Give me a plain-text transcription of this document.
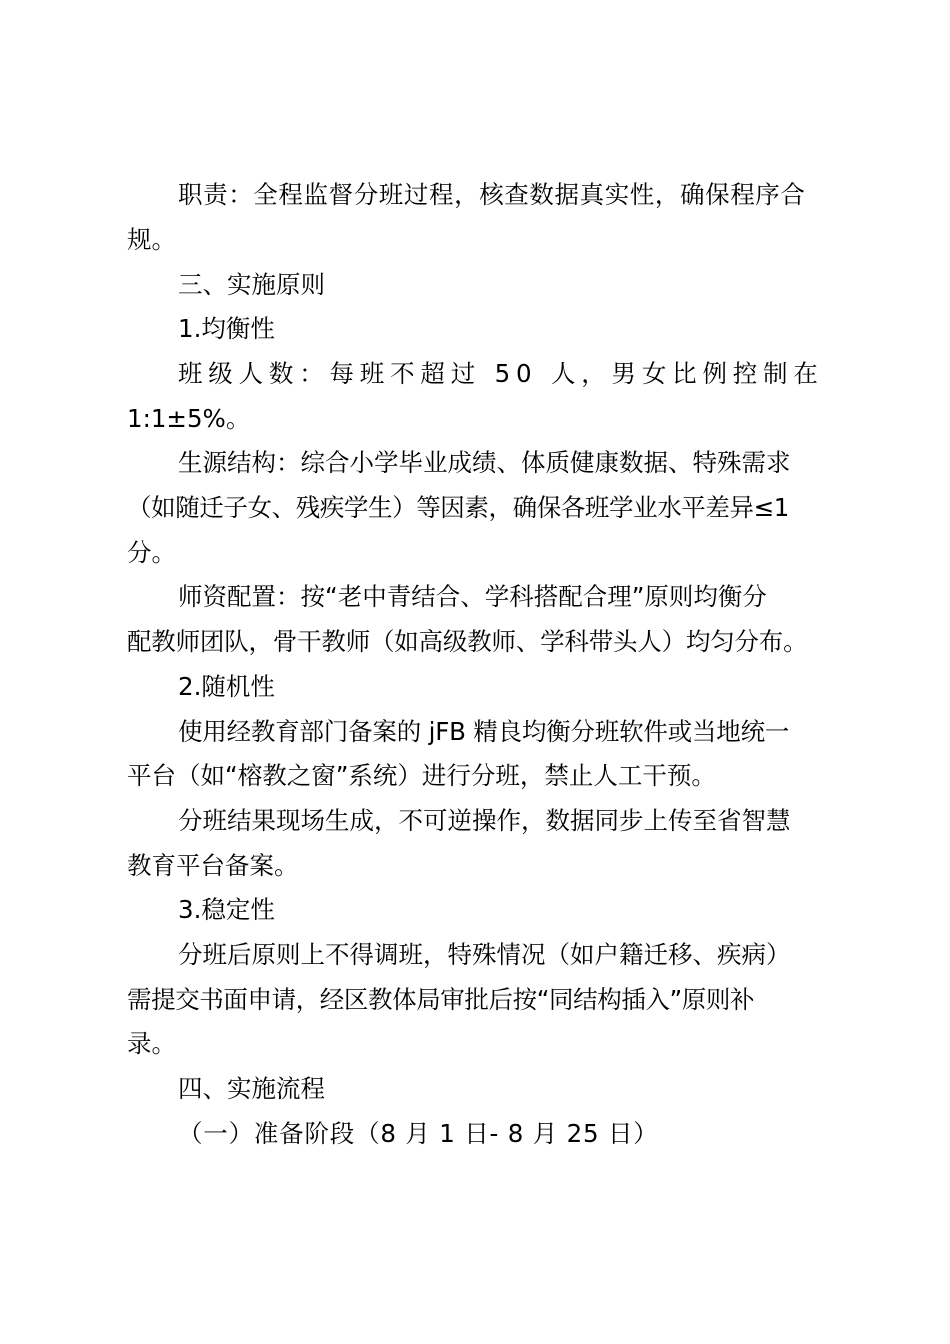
职责：全程监督分班过程，核查数据真实性，确保程序合
规。
三、实施原则
1.均衡性
班级人数：每班不超过 50 人，男女比例控制在
1:1±5%。
生源结构：综合小学毕业成绩、体质健康数据、特殊需求
（如随迁子女、残疾学生）等因素，确保各班学业水平差异≤1
分。
师资配置：按“老中青结合、学科搭配合理”原则均衡分
配教师团队，骨干教师（如高级教师、学科带头人）均匀分布。
2.随机性
使用经教育部门备案的 jFB 精良均衡分班软件或当地统一
平台（如“榕教之窗”系统）进行分班，禁止人工干预。
分班结果现场生成，不可逆操作，数据同步上传至省智慧
教育平台备案。
3.稳定性
分班后原则上不得调班，特殊情况（如户籍迁移、疾病）
需提交书面申请，经区教体局审批后按“同结构插入”原则补
录。
四、实施流程
（一）准备阶段（8 月 1 日- 8 月 25 日）
